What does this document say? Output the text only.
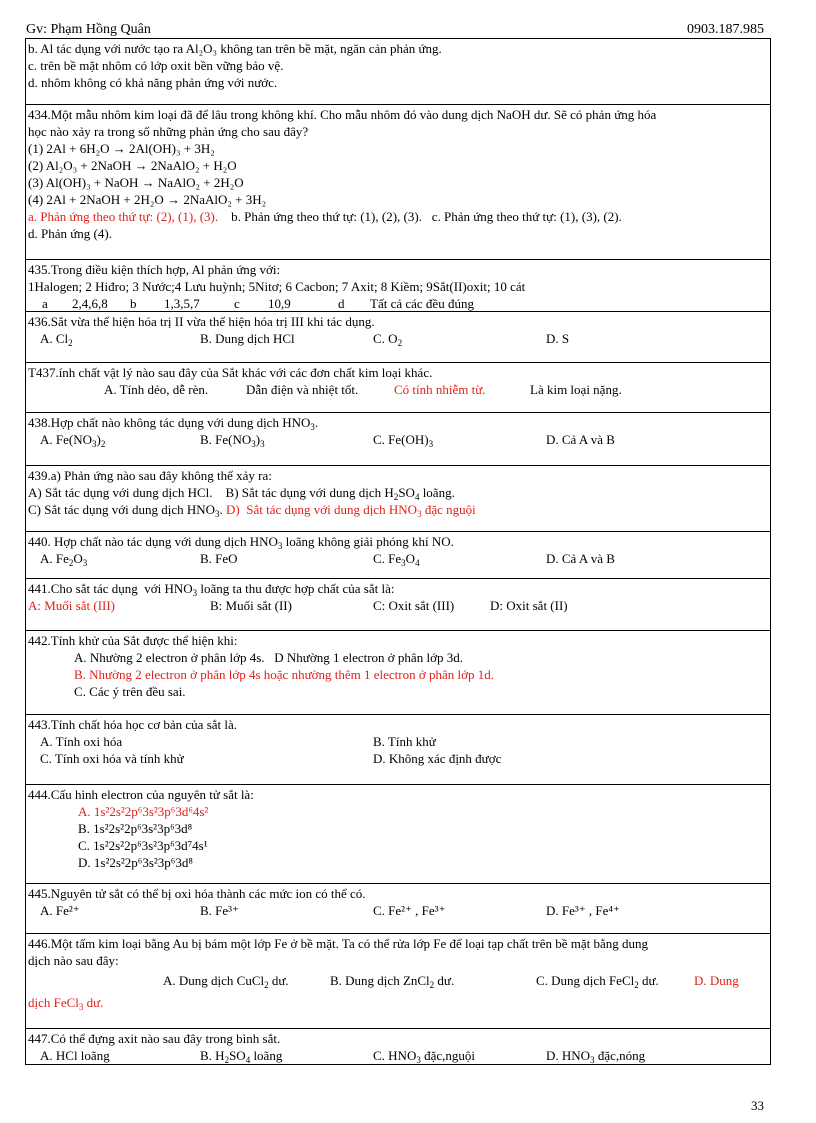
Gv: Phạm Hồng Quân	0903.187.985
b. Al tác dụng với nước tạo ra Al₂O₃ không tan trên bề mặt, ngăn cản phản ứng.
c. trên bề mặt nhôm có lớp oxit bền vững bảo vệ.
d. nhôm không có khả năng phản ứng với nước.
434.Một mẫu nhôm kim loại đã để lâu trong không khí. Cho mẫu nhôm đó vào dung dịch NaOH dư. Sẽ có phản ứng hóa
học nào xảy ra trong số những phản ứng cho sau đây?
(1) 2Al + 6H₂O → 2Al(OH)₃ + 3H₂
(2) Al₂O₃ + 2NaOH → 2NaAlO₂ + H₂O
(3) Al(OH)₃ + NaOH → NaAlO₂ + 2H₂O
(4) 2Al + 2NaOH + 2H₂O → 2NaAlO₂ + 3H₂
a. Phản ứng theo thứ tự: (2), (1), (3). b. Phản ứng theo thứ tự: (1), (2), (3). c. Phản ứng theo thứ tự: (1), (3), (2).
d. Phản ứng (4).
435.Trong điều kiện thích hợp, Al phản ứng với:
1Halogen; 2 Hiđro; 3 Nước;4 Lưu huỳnh; 5Nitơ; 6 Cacbon; 7 Axit; 8 Kiềm; 9Sắt(II)oxit; 10 cát
a 2,4,6,8 b 1,3,5,7	c 10,9	d Tất cả các đều đúng
436.Sắt vừa thể hiện hóa trị II vừa thể hiện hóa trị III khi tác dụng.
A. $Cl_2$	B. Dung dịch HCl	C. $O_2$	D. S
T437.ính chất vật lý nào sau đây của Sắt khác với các đơn chất kim loại khác.
A. Tính dẻo, dễ rèn.	Dẫn điện và nhiệt tốt.	Có tính nhiễm từ.	Là kim loại nặng.
438.Hợp chất nào không tác dụng với dung dịch $HNO_3$.
A. $Fe(NO_3)_2$	B. $Fe(NO_3)_3$	C. $Fe(OH)_3$	D. Cả A và B
439.a) Phản ứng nào sau đây không thể xảy ra:
A) Sắt tác dụng với dung dịch HCl. B) Sắt tác dụng với dung dịch $H_2SO_4$ loãng.
C) Sắt tác dụng với dung dịch $HNO_3$. D)  Sắt tác dụng với dung dịch $HNO_3$ đặc nguội
440. Hợp chất nào tác dụng với dung dịch $HNO_3$ loãng không giải phóng khí NO.
A. $Fe_2O_3$	B. FeO	C. $Fe_3O_4$	D. Cả A và B
441.Cho sắt tác dụng  với $HNO_3$ loãng ta thu được hợp chất của sắt là:
A: Muối sắt (III)	B: Muối sắt (II)	C: Oxit sắt (III)	D: Oxit sắt (II)
442.Tính khử của Sắt được thể hiện khi:
A. Nhường 2 electron ở phân lớp 4s. D Nhường 1 electron ở phân lớp 3d.
B. Nhường 2 electron ở phân lớp 4s hoặc nhường thêm 1 electron ở phân lớp 1d.
C. Các ý trên đều sai.
443.Tính chất hóa học cơ bản của sắt là.
A. Tính oxi hóa	B. Tính khử
C. Tính oxi hóa và tính khử	D. Không xác định được
444.Cấu hình electron của nguyên tử sắt là:
A. 1s²2s²2p⁶3s²3p⁶3d⁶4s²
B. 1s²2s²2p⁶3s²3p⁶3d⁸
C. 1s²2s²2p⁶3s²3p⁶3d⁷4s¹
D. 1s²2s²2p⁶3s²3p⁶3d⁸
445.Nguyên tử sắt có thể bị oxi hóa thành các mức ion có thể có.
A. Fe²⁺	B. Fe³⁺	C. Fe²⁺ , Fe³⁺	D. Fe³⁺ , Fe⁴⁺
446.Một tấm kim loại bằng Au bị bám một lớp Fe ở bề mặt. Ta có thể rửa lớp Fe để loại tạp chất trên bề mặt bằng dung
dịch nào sau đây:
A. Dung dịch CuCl$_2$ dư.	B. Dung dịch ZnCl$_2$ dư.	C. Dung dịch FeCl$_2$ dư.	D. Dung
dịch FeCl$_3$ dư.
447.Có thể đựng axit nào sau đây trong bình sắt.
A. HCl loãng	B. $H_2SO_4$ loãng	C. $HNO_3$ đặc,nguội	D. $HNO_3$ đặc,nóng
33
